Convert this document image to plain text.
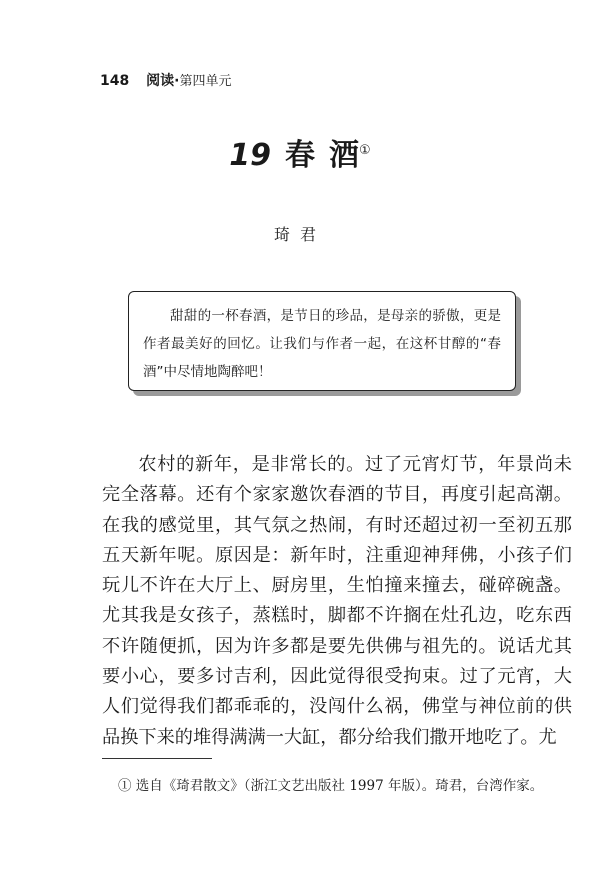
148 阅读·第四单元
19 春酒①
琦君
甜甜的一杯春酒，是节日的珍品，是母亲的骄傲，更是作者最美好的回忆。让我们与作者一起，在这杯甘醇的“春酒”中尽情地陶醉吧！

农村的新年，是非常长的。过了元宵灯节，年景尚未完全落幕。还有个家家邀饮春酒的节目，再度引起高潮。在我的感觉里，其气氛之热闹，有时还超过初一至初五那五天新年呢。原因是：新年时，注重迎神拜佛，小孩子们玩儿不许在大厅上、厨房里，生怕撞来撞去，碰碎碗盏。尤其我是女孩子，蒸糕时，脚都不许搁在灶孔边，吃东西不许随便抓，因为许多都是要先供佛与祖先的。说话尤其要小心，要多讨吉利，因此觉得很受拘束。过了元宵，大人们觉得我们都乖乖的，没闯什么祸，佛堂与神位前的供品换下来的堆得满满一大缸，都分给我们撒开地吃了。尤

① 选自《琦君散文》（浙江文艺出版社 1997 年版）。琦君，台湾作家。
